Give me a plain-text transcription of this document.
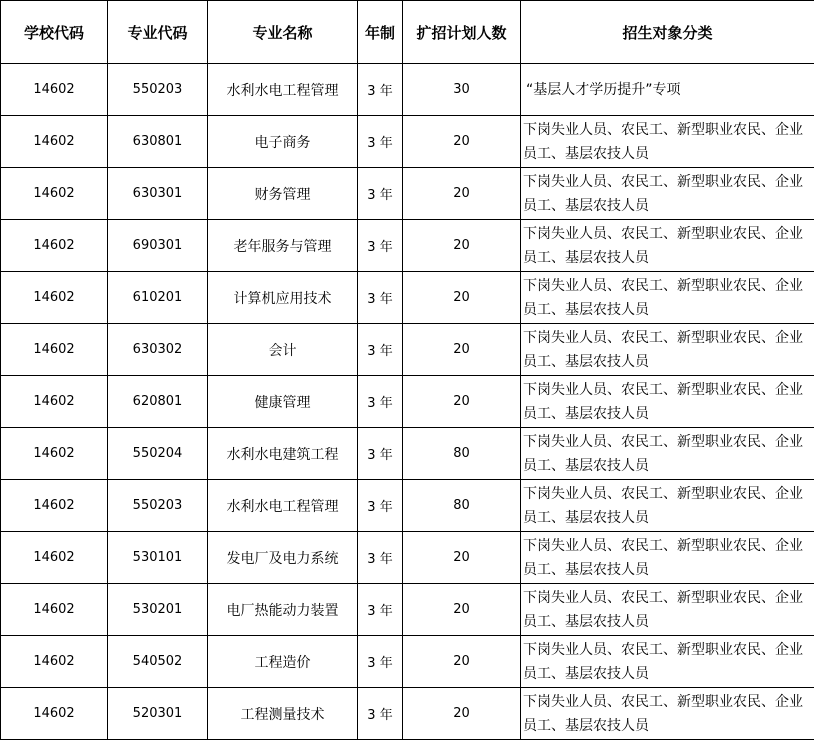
学校代码	专业代码	专业名称	年制	扩招计划人数	招生对象分类
14602	550203	水利水电工程管理	3 年	30	“基层人才学历提升”专项
14602	630801	电子商务	3 年	20	下岗失业人员、农民工、新型职业农民、企业员工、基层农技人员
14602	630301	财务管理	3 年	20	下岗失业人员、农民工、新型职业农民、企业员工、基层农技人员
14602	690301	老年服务与管理	3 年	20	下岗失业人员、农民工、新型职业农民、企业员工、基层农技人员
14602	610201	计算机应用技术	3 年	20	下岗失业人员、农民工、新型职业农民、企业员工、基层农技人员
14602	630302	会计	3 年	20	下岗失业人员、农民工、新型职业农民、企业员工、基层农技人员
14602	620801	健康管理	3 年	20	下岗失业人员、农民工、新型职业农民、企业员工、基层农技人员
14602	550204	水利水电建筑工程	3 年	80	下岗失业人员、农民工、新型职业农民、企业员工、基层农技人员
14602	550203	水利水电工程管理	3 年	80	下岗失业人员、农民工、新型职业农民、企业员工、基层农技人员
14602	530101	发电厂及电力系统	3 年	20	下岗失业人员、农民工、新型职业农民、企业员工、基层农技人员
14602	530201	电厂热能动力装置	3 年	20	下岗失业人员、农民工、新型职业农民、企业员工、基层农技人员
14602	540502	工程造价	3 年	20	下岗失业人员、农民工、新型职业农民、企业员工、基层农技人员
14602	520301	工程测量技术	3 年	20	下岗失业人员、农民工、新型职业农民、企业员工、基层农技人员
